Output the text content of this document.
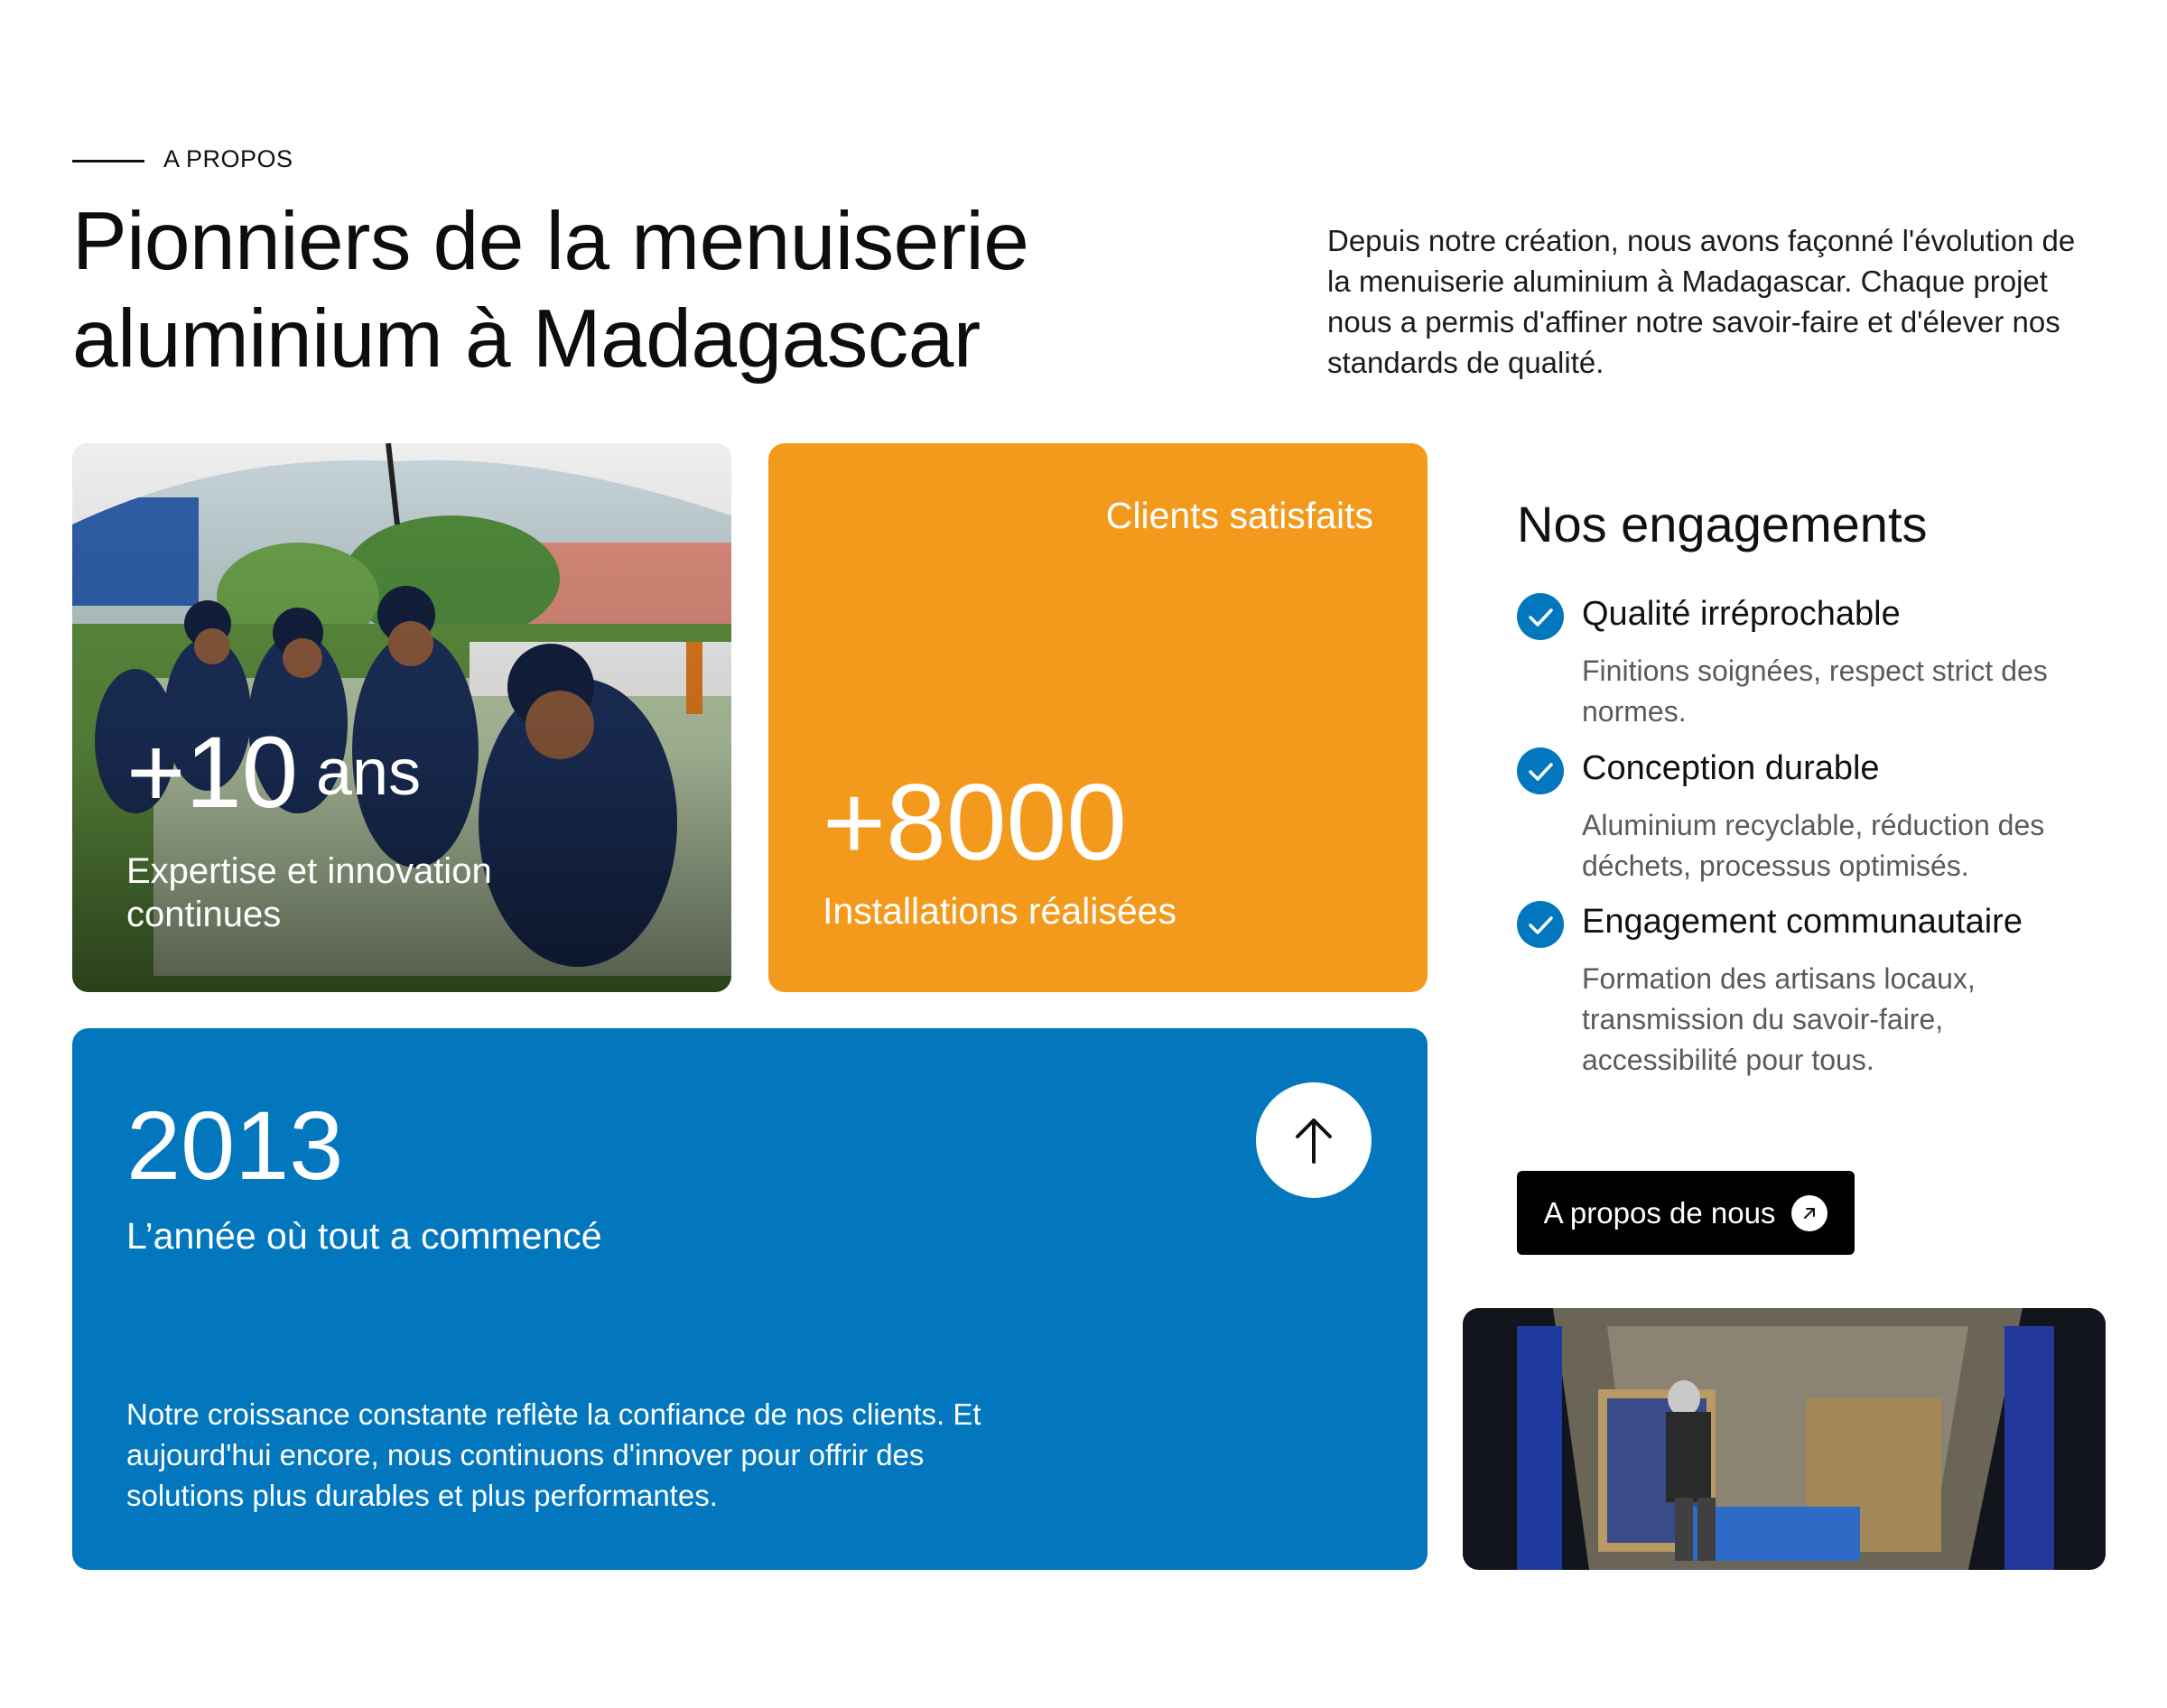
A PROPOS
Pionniers de la menuiserie
aluminium à Madagascar
Depuis notre création, nous avons façonné l'évolution de la menuiserie aluminium à Madagascar. Chaque projet nous a permis d'affiner notre savoir-faire et d'élever nos standards de qualité.
+10 ans
Expertise et innovation continues
Clients satisfaits
+8000
Installations réalisées
2013
L’année où tout a commencé
Notre croissance constante reflète la confiance de nos clients. Et aujourd'hui encore, nous continuons d'innover pour offrir des solutions plus durables et plus performantes.
Nos engagements
Qualité irréprochable
Finitions soignées, respect strict des normes.
Conception durable
Aluminium recyclable, réduction des déchets, processus optimisés.
Engagement communautaire
Formation des artisans locaux, transmission du savoir-faire, accessibilité pour tous.
A propos de nous
